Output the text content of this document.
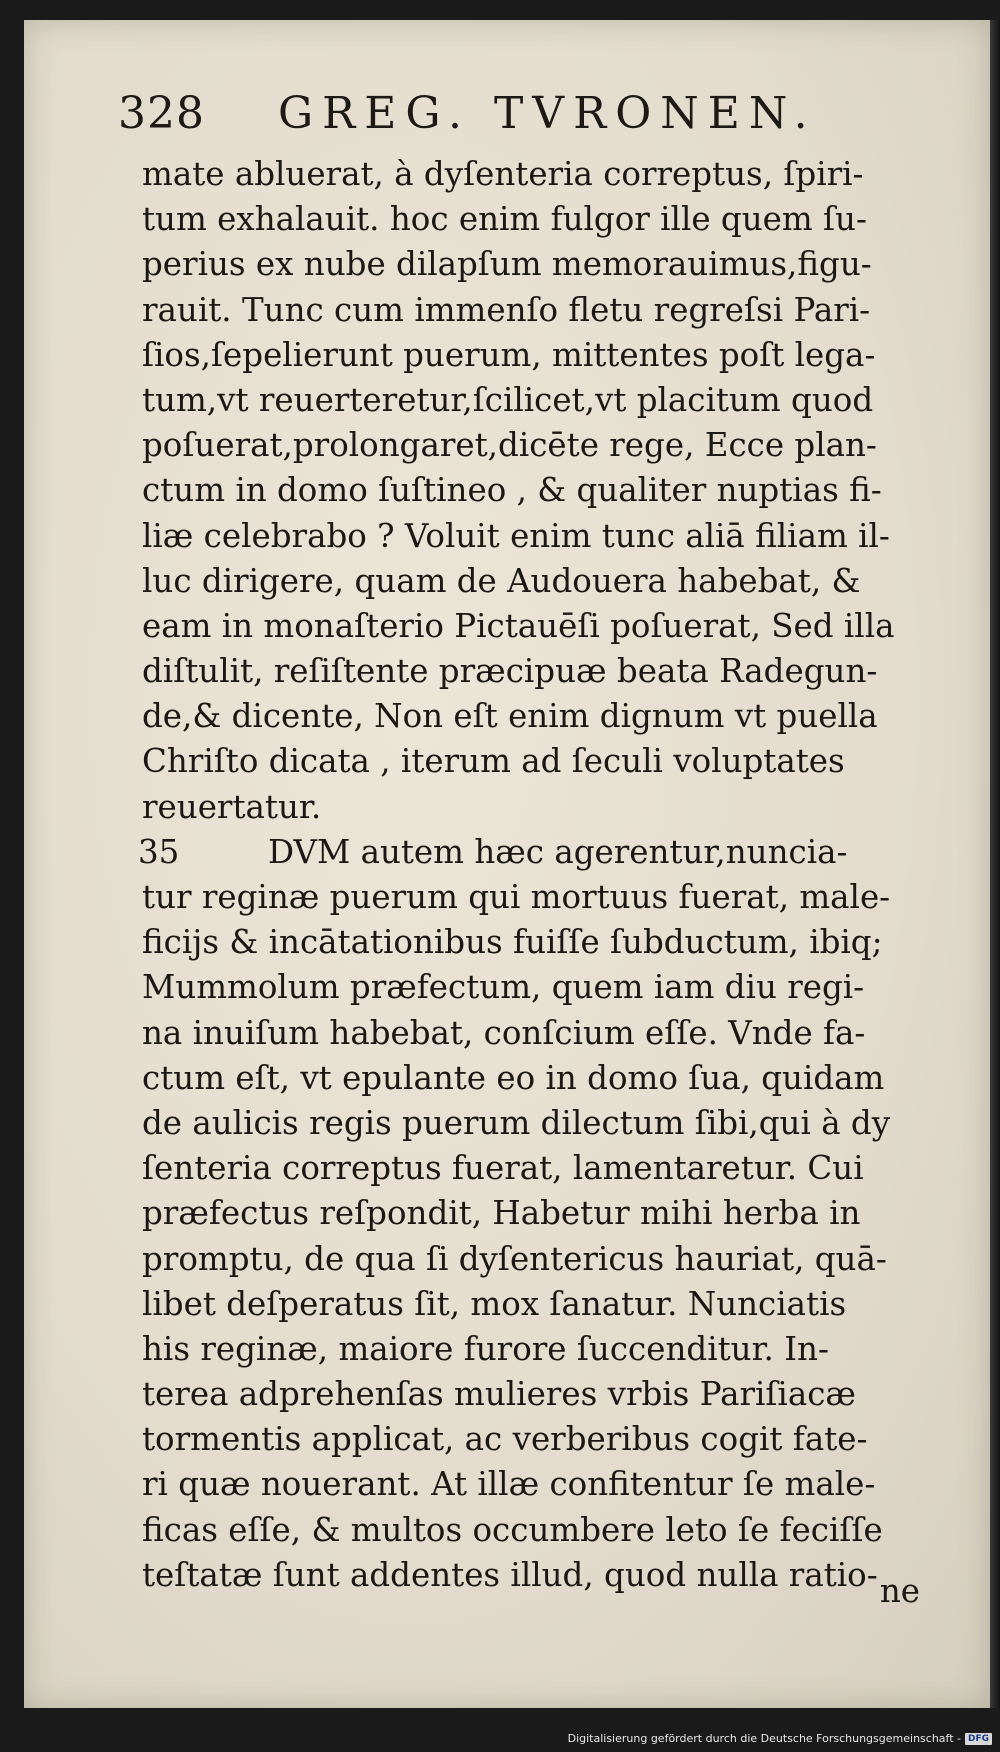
328 GREG. TVRONEN.
mate abluerat, à dyſenteria correptus, ſpiri-
tum exhalauit. hoc enim fulgor ille quem ſu-
perius ex nube dilapſum memorauimus,figu-
rauit. Tunc cum immenſo fletu regreſsi Pari-
ſios,ſepelierunt puerum, mittentes poſt lega-
tum,vt reuerteretur,ſcilicet,vt placitum quod
poſuerat,prolongaret,dicēte rege, Ecce plan-
ctum in domo ſuſtineo , & qualiter nuptias fi-
liæ celebrabo ? Voluit enim tunc aliā filiam il-
luc dirigere, quam de Audouera habebat, &
eam in monaſterio Pictauēſi poſuerat, Sed illa
diſtulit, reſiſtente præcipuæ beata Radegun-
de,& dicente, Non eſt enim dignum vt puella
Chriſto dicata , iterum ad ſeculi voluptates
reuertatur.
35	DVM autem hæc agerentur,nuncia-
tur reginæ puerum qui mortuus fuerat, male-
ficijs & incātationibus fuiſſe ſubductum, ibiq;
Mummolum præfectum, quem iam diu regi-
na inuiſum habebat, conſcium eſſe. Vnde fa-
ctum eſt, vt epulante eo in domo ſua, quidam
de aulicis regis puerum dilectum ſibi,qui à dy
ſenteria correptus fuerat, lamentaretur. Cui
præfectus reſpondit, Habetur mihi herba in
promptu, de qua ſi dyſentericus hauriat, quā-
libet deſperatus ſit, mox ſanatur. Nunciatis
his reginæ, maiore furore ſuccenditur. In-
terea adprehenſas mulieres vrbis Pariſiacæ
tormentis applicat, ac verberibus cogit fate-
ri quæ nouerant. At illæ confitentur ſe male-
ficas eſſe, & multos occumbere leto ſe feciſſe
teſtatæ ſunt addentes illud, quod nulla ratio- ne
Digitalisierung gefördert durch die Deutsche Forschungsgemeinschaft - DFG
